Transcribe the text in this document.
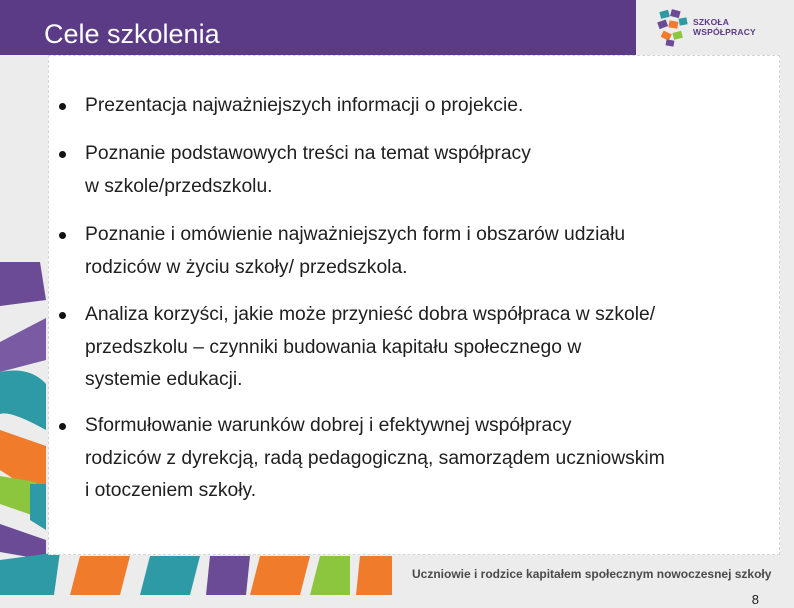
Cele szkolenia	SZKOŁA
WSPÓŁPRACY
Prezentacja najważniejszych informacji o projekcie.
Poznanie podstawowych treści na temat współpracy
w szkole/przedszkolu.
Poznanie i omówienie najważniejszych form i obszarów udziału
rodziców w życiu szkoły/ przedszkola.
Analiza korzyści, jakie może przynieść dobra współpraca w szkole/
przedszkolu – czynniki budowania kapitału społecznego w
systemie edukacji.
Sformułowanie warunków dobrej i efektywnej współpracy
rodziców z dyrekcją, radą pedagogiczną, samorządem uczniowskim
i otoczeniem szkoły.
8
Uczniowie i rodzice kapitałem społecznym nowoczesnej szkoły
